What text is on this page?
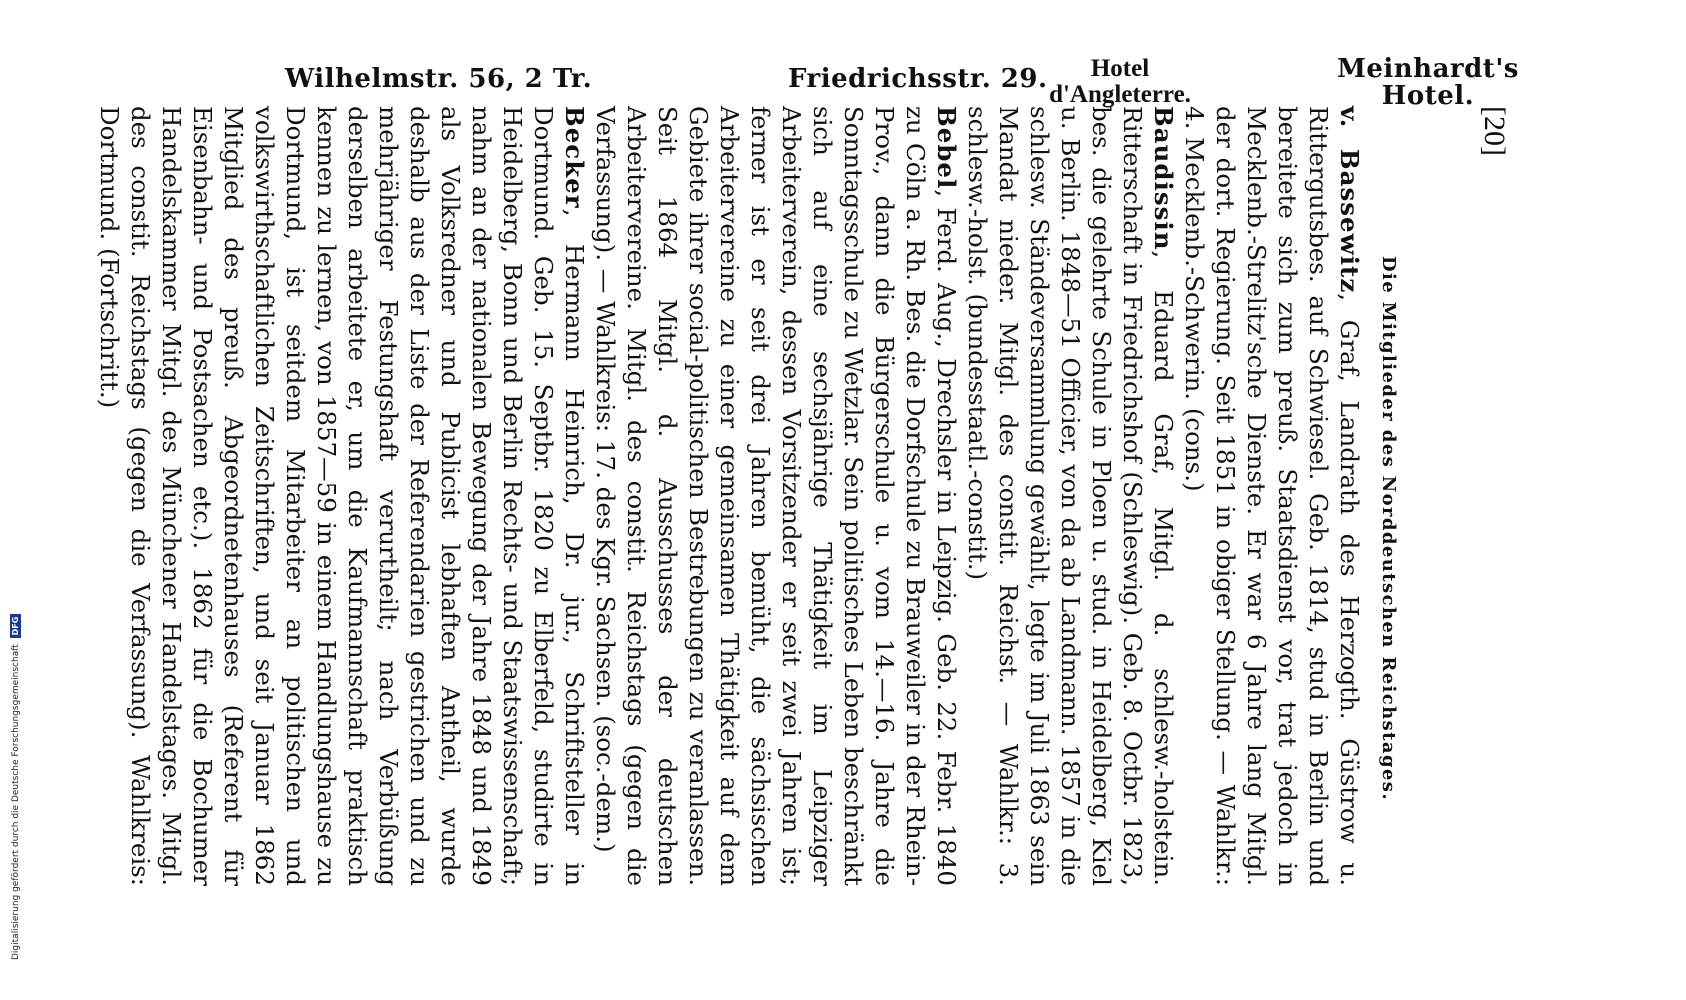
Meinhardt's
Hotel.
Hotel
d'Angleterre.
Friedrichsstr. 29.
Wilhelmstr. 56, 2 Tr.
[20]
Die Mitglieder des Norddeutschen Reichstages.

v. Bassewitz, Graf, Landrath des Herzogth. Güstrow u. Rittergutsbes. auf Schwiesel. Geb. 1814, stud in Berlin und bereitete sich zum preuß. Staatsdienst vor, trat jedoch in Mecklenb.-Strelitz'sche Dienste. Er war 6 Jahre lang Mitgl. der dort. Regierung. Seit 1851 in obiger Stellung. — Wahlkr.: 4. Mecklenb.-Schwerin. (cons.)

Baudissin, Eduard Graf, Mitgl. d. schlesw.-holstein. Ritterschaft in Friedrichshof (Schleswig). Geb. 8. Octbr. 1823, bes. die gelehrte Schule in Ploen u. stud. in Heidelberg, Kiel u. Berlin. 1848—51 Officier, von da ab Landmann. 1857 in die schlesw. Ständeversammlung gewählt, legte im Juli 1863 sein Mandat nieder. Mitgl. des constit. Reichst. — Wahlkr.: 3. schlesw.-holst. (bundesstaatl.-constit.)

Bebel, Ferd. Aug., Drechsler in Leipzig. Geb. 22. Febr. 1840 zu Cöln a. Rh. Bes. die Dorfschule zu Brauweiler in der Rhein-Prov., dann die Bürgerschule u. vom 14.—16. Jahre die Sonntagsschule zu Wetzlar. Sein politisches Leben beschränkt sich auf eine sechsjährige Thätigkeit im Leipziger Arbeiterverein, dessen Vorsitzender er seit zwei Jahren ist; ferner ist er seit drei Jahren bemüht, die sächsischen Arbeitervereine zu einer gemeinsamen Thätigkeit auf dem Gebiete ihrer social-politischen Bestrebungen zu veranlassen. Seit 1864 Mitgl. d. Ausschusses der deutschen Arbeitervereine. Mitgl. des constit. Reichstags (gegen die Verfassung). — Wahlkreis: 17. des Kgr. Sachsen. (soc.-dem.)

Becker, Hermann Heinrich, Dr. jur., Schriftsteller in Dortmund. Geb. 15. Septbr. 1820 zu Elberfeld, studirte in Heidelberg, Bonn und Berlin Rechts- und Staatswissenschaft; nahm an der nationalen Bewegung der Jahre 1848 und 1849 als Volksredner und Publicist lebhaften Antheil, wurde deshalb aus der Liste der Referendarien gestrichen und zu mehrjähriger Festungshaft verurtheilt; nach Verbüßung derselben arbeitete er, um die Kaufmannschaft praktisch kennen zu lernen, von 1857—59 in einem Handlungshause zu Dortmund, ist seitdem Mitarbeiter an politischen und volkswirthschaftlichen Zeitschriften, und seit Januar 1862 Mitglied des preuß. Abgeordnetenhauses (Referent für Eisenbahn- und Postsachen etc.). 1862 für die Bochumer Handelskammer Mitgl. des Münchener Handelstages. Mitgl. des constit. Reichstags (gegen die Verfassung). Wahlkreis: Dortmund. (Fortschritt.)

Digitalisierung gefördert durch die Deutsche Forschungsgemeinschaft DFG
